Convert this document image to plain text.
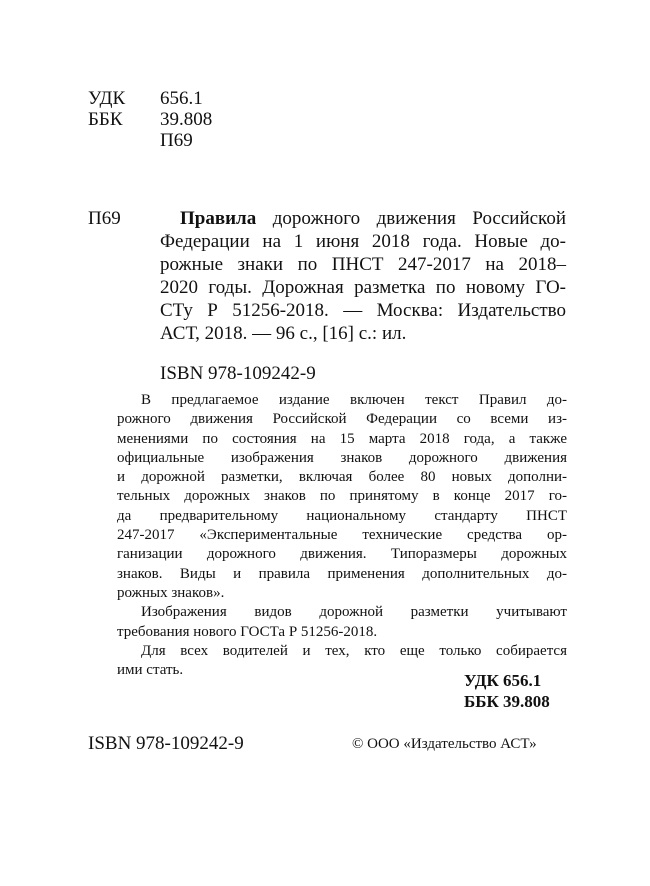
УДК	656.1
ББК	39.808
П69
П69	Правила дорожного движения Российской
Федерации на 1 июня 2018 года. Новые до-
рожные знаки по ПНСТ 247-2017 на 2018–
2020 годы. Дорожная разметка по новому ГО-
СТу Р 51256-2018. — Москва: Издательство
АСТ, 2018. — 96 с., [16] с.: ил.
ISBN 978-109242-9
В предлагаемое издание включен текст Правил до-
рожного движения Российской Федерации со всеми из-
менениями по состояния на 15 марта 2018 года, а также
официальные изображения знаков дорожного движения
и дорожной разметки, включая более 80 новых дополни-
тельных дорожных знаков по принятому в конце 2017 го-
да предварительному национальному стандарту ПНСТ
247-2017 «Экспериментальные технические средства ор-
ганизации дорожного движения. Типоразмеры дорожных
знаков. Виды и правила применения дополнительных до-
рожных знаков».
Изображения видов дорожной разметки учитывают
требования нового ГОСТа Р 51256-2018.
Для всех водителей и тех, кто еще только собирается
ими стать.
УДК 656.1
ББК 39.808
ISBN 978-109242-9	© ООО «Издательство АСТ»
